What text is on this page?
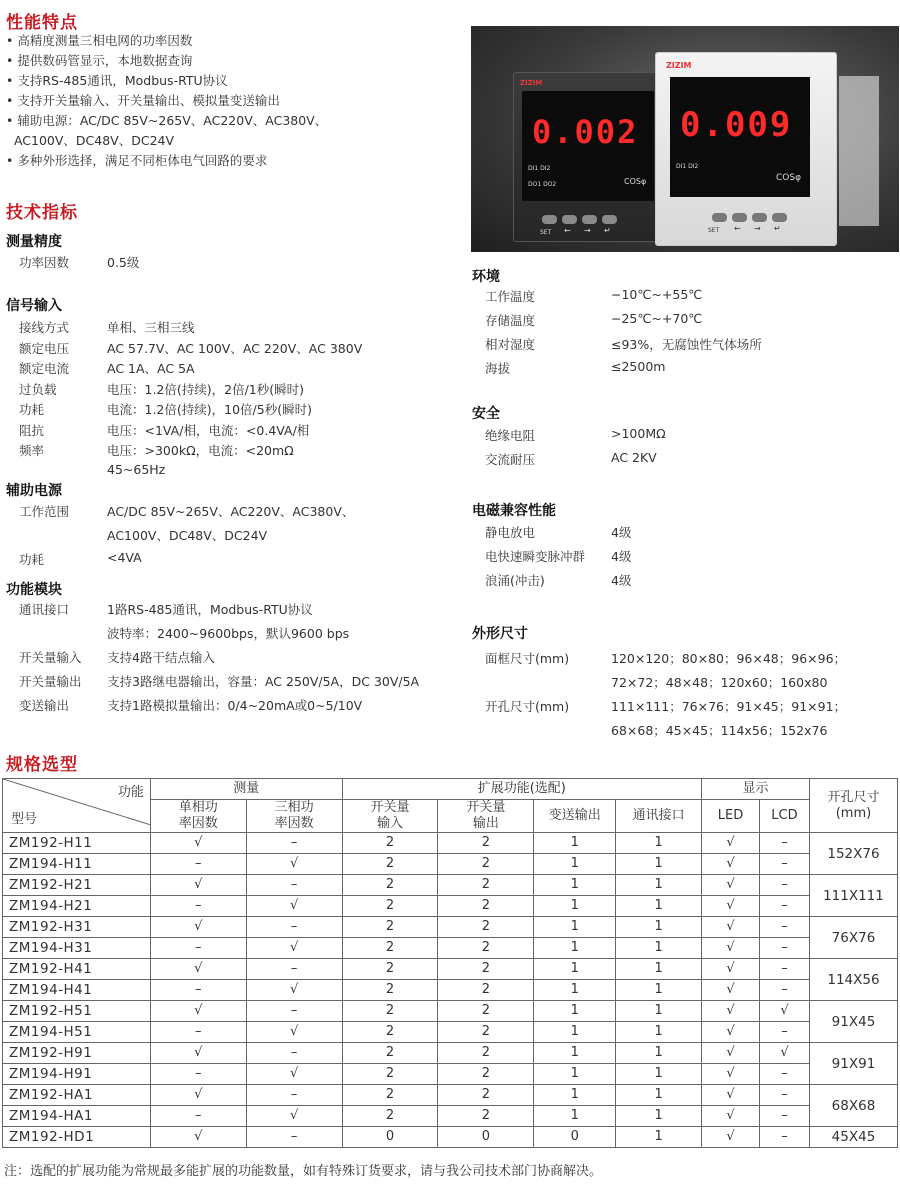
性能特点
• 高精度测量三相电网的功率因数
• 提供数码管显示，本地数据查询
• 支持RS-485通讯，Modbus-RTU协议
• 支持开关量输入、开关量输出、模拟量变送输出
• 辅助电源：AC/DC 85V~265V、AC220V、AC380V、
AC100V、DC48V、DC24V
• 多种外形选择，满足不同柜体电气回路的要求
技术指标
测量精度
功率因数	0.5级
信号输入
接线方式	单相、三相三线
额定电压	AC 57.7V、AC 100V、AC 220V、AC 380V
额定电流	AC 1A、AC 5A
过负载	电压：1.2倍(持续)，2倍/1秒(瞬时)
功耗	电流：1.2倍(持续)，10倍/5秒(瞬时)
阻抗	电压：<1VA/相，电流：<0.4VA/相
频率	电压：>300kΩ，电流：<20mΩ
45~65Hz
辅助电源
工作范围	AC/DC 85V~265V、AC220V、AC380V、
AC100V、DC48V、DC24V
功耗	<4VA
功能模块
通讯接口	1路RS-485通讯，Modbus-RTU协议
波特率：2400~9600bps，默认9600 bps
开关量输入 支持4路干结点输入
开关量输出 支持3路继电器输出，容量：AC 250V/5A，DC 30V/5A
变送输出	支持1路模拟量输出：0/4~20mA或0~5/10V
ZIZIM
0.002
DI1 DI2
DO1 DO2	COSφ
SET ← → ↵
ZIZIM
0.009
DI1 DI2
COSφ
SET ← → ↵
环境
工作温度	−10℃~+55℃
存储温度	−25℃~+70℃
相对湿度	≤93%，无腐蚀性气体场所
海拔	≤2500m
安全
绝缘电阻	>100MΩ
交流耐压	AC 2KV
电磁兼容性能
静电放电	4级
电快速瞬变脉冲群 4级
浪涌(冲击)	4级
外形尺寸
面框尺寸(mm)	120×120；80×80；96×48；96×96；
72×72；48×48；120x60；160x80
开孔尺寸(mm)	111×111；76×76；91×45；91×91；
68×68；45×45；114x56；152x76
规格选型
功能
型号	测量		扩展功能(选配)				显示		开孔尺寸
(mm)
	单相功
率因数	三相功
率因数	开关量
输入	开关量
输出	变送输出	通讯接口	LED	LCD	
ZM192-H11	√	–	2	2	1	1	√	–	152X76
ZM194-H11	–	√	2	2	1	1	√	–	
ZM192-H21	√	–	2	2	1	1	√	–	111X111
ZM194-H21	–	√	2	2	1	1	√	–	
ZM192-H31	√	–	2	2	1	1	√	–	76X76
ZM194-H31	–	√	2	2	1	1	√	–	
ZM192-H41	√	–	2	2	1	1	√	–	114X56
ZM194-H41	–	√	2	2	1	1	√	–	
ZM192-H51	√	–	2	2	1	1	√	√	91X45
ZM194-H51	–	√	2	2	1	1	√	–	
ZM192-H91	√	–	2	2	1	1	√	√	91X91
ZM194-H91	–	√	2	2	1	1	√	–	
ZM192-HA1	√	–	2	2	1	1	√	–	68X68
ZM194-HA1	–	√	2	2	1	1	√	–	
ZM192-HD1	√	–	0	0	0	1	√	–	45X45
注：选配的扩展功能为常规最多能扩展的功能数量，如有特殊订货要求，请与我公司技术部门协商解决。
